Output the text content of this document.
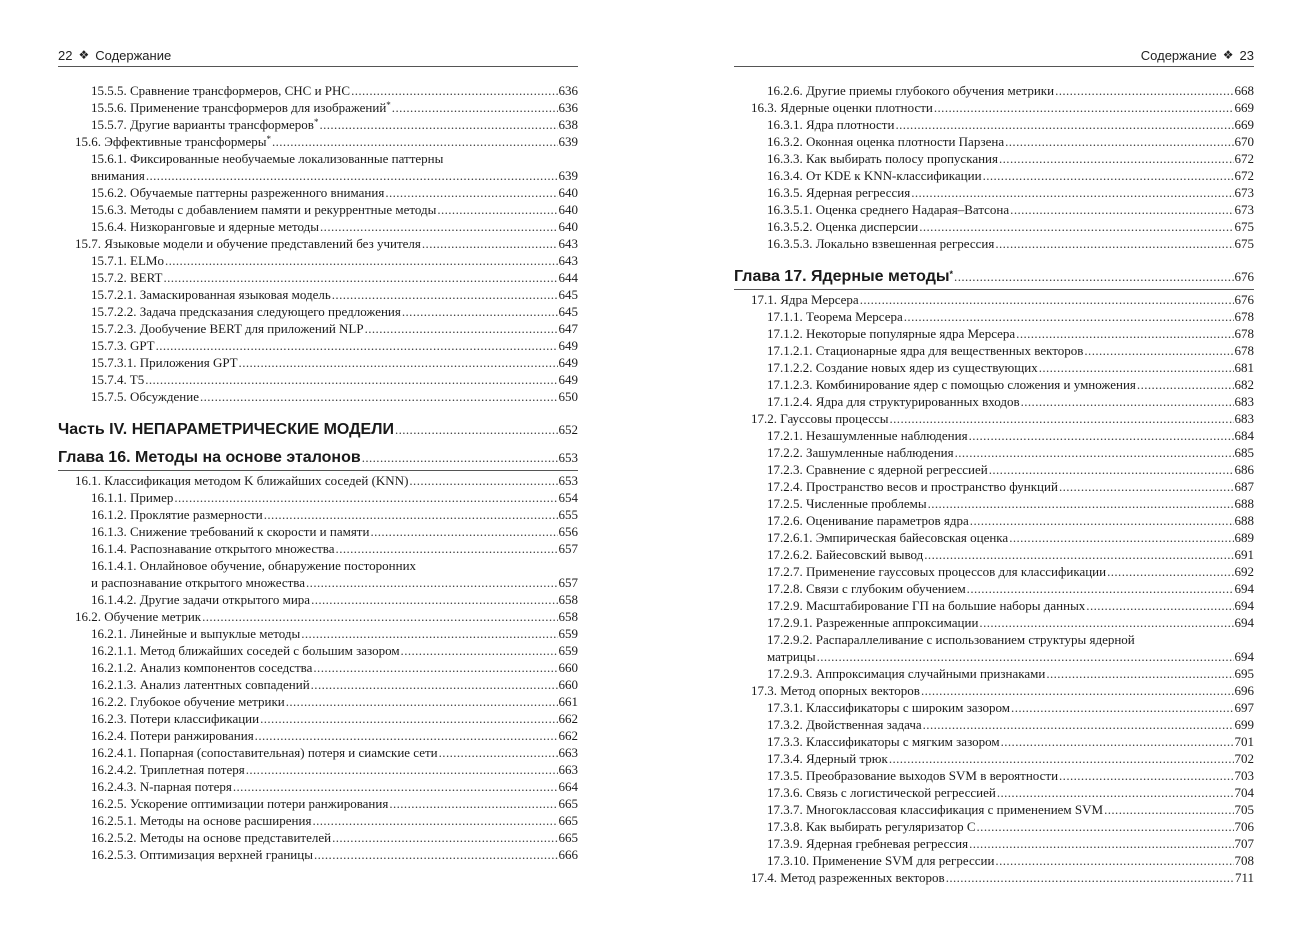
22 ❖ Содержание
15.5.5. Сравнение трансформеров, CHC и PHC .....	636
15.5.6. Применение трансформеров для изображений* .....	636
15.5.7. Другие варианты трансформеров* .....	638
15.6. Эффективные трансформеры* .....	639
15.6.1. Фиксированные необучаемые локализованные паттерны
внимания .....	639
15.6.2. Обучаемые паттерны разреженного внимания .....	640
15.6.3. Методы с добавлением памяти и рекуррентные методы .....	640
15.6.4. Низкоранговые и ядерные методы .....	640
15.7. Языковые модели и обучение представлений без учителя .....	643
15.7.1. ELMo .....	643
15.7.2. BERT .....	644
15.7.2.1. Замаскированная языковая модель .....	645
15.7.2.2. Задача предсказания следующего предложения .....	645
15.7.2.3. Дообучение BERT для приложений NLP .....	647
15.7.3. GPT .....	649
15.7.3.1. Приложения GPT .....	649
15.7.4. T5 .....	649
15.7.5. Обсуждение .....	650
Часть IV. НЕПАРАМЕТРИЧЕСКИЕ МОДЕЛИ .....	652
Глава 16. Методы на основе эталонов .....	653
16.1. Классификация методом K ближайших соседей (KNN) .....	653
16.1.1. Пример .....	654
16.1.2. Проклятие размерности .....	655
16.1.3. Снижение требований к скорости и памяти .....	656
16.1.4. Распознавание открытого множества .....	657
16.1.4.1. Онлайновое обучение, обнаружение посторонних
и распознавание открытого множества .....	657
16.1.4.2. Другие задачи открытого мира .....	658
16.2. Обучение метрик .....	658
16.2.1. Линейные и выпуклые методы .....	659
16.2.1.1. Метод ближайших соседей с большим зазором .....	659
16.2.1.2. Анализ компонентов соседства .....	660
16.2.1.3. Анализ латентных совпадений .....	660
16.2.2. Глубокое обучение метрики .....	661
16.2.3. Потери классификации .....	662
16.2.4. Потери ранжирования .....	662
16.2.4.1. Попарная (сопоставительная) потеря и сиамские сети .....	663
16.2.4.2. Триплетная потеря .....	663
16.2.4.3. N-парная потеря .....	664
16.2.5. Ускорение оптимизации потери ранжирования .....	665
16.2.5.1. Методы на основе расширения .....	665
16.2.5.2. Методы на основе представителей .....	665
16.2.5.3. Оптимизация верхней границы .....	666
Содержание ❖ 23
16.2.6. Другие приемы глубокого обучения метрики .....	668
16.3. Ядерные оценки плотности .....	669
16.3.1. Ядра плотности .....	669
16.3.2. Оконная оценка плотности Парзена .....	670
16.3.3. Как выбирать полосу пропускания .....	672
16.3.4. От KDE к KNN-классификации .....	672
16.3.5. Ядерная регрессия .....	673
16.3.5.1. Оценка среднего Надарая–Ватсона .....	673
16.3.5.2. Оценка дисперсии .....	675
16.3.5.3. Локально взвешенная регрессия .....	675
Глава 17. Ядерные методы* .....	676
17.1. Ядра Мерсера .....	676
17.1.1. Теорема Мерсера .....	678
17.1.2. Некоторые популярные ядра Мерсера .....	678
17.1.2.1. Стационарные ядра для вещественных векторов .....	678
17.1.2.2. Создание новых ядер из существующих .....	681
17.1.2.3. Комбинирование ядер с помощью сложения и умножения .....	682
17.1.2.4. Ядра для структурированных входов .....	683
17.2. Гауссовы процессы .....	683
17.2.1. Незашумленные наблюдения .....	684
17.2.2. Зашумленные наблюдения .....	685
17.2.3. Сравнение с ядерной регрессией .....	686
17.2.4. Пространство весов и пространство функций .....	687
17.2.5. Численные проблемы .....	688
17.2.6. Оценивание параметров ядра .....	688
17.2.6.1. Эмпирическая байесовская оценка .....	689
17.2.6.2. Байесовский вывод .....	691
17.2.7. Применение гауссовых процессов для классификации .....	692
17.2.8. Связи с глубоким обучением .....	694
17.2.9. Масштабирование ГП на большие наборы данных .....	694
17.2.9.1. Разреженные аппроксимации .....	694
17.2.9.2. Распараллеливание с использованием структуры ядерной
матрицы .....	694
17.2.9.3. Аппроксимация случайными признаками .....	695
17.3. Метод опорных векторов .....	696
17.3.1. Классификаторы с широким зазором .....	697
17.3.2. Двойственная задача .....	699
17.3.3. Классификаторы с мягким зазором .....	701
17.3.4. Ядерный трюк .....	702
17.3.5. Преобразование выходов SVM в вероятности .....	703
17.3.6. Связь с логистической регрессией .....	704
17.3.7. Многоклассовая классификация с применением SVM .....	705
17.3.8. Как выбирать регуляризатор C .....	706
17.3.9. Ядерная гребневая регрессия .....	707
17.3.10. Применение SVM для регрессии .....	708
17.4. Метод разреженных векторов .....	711
